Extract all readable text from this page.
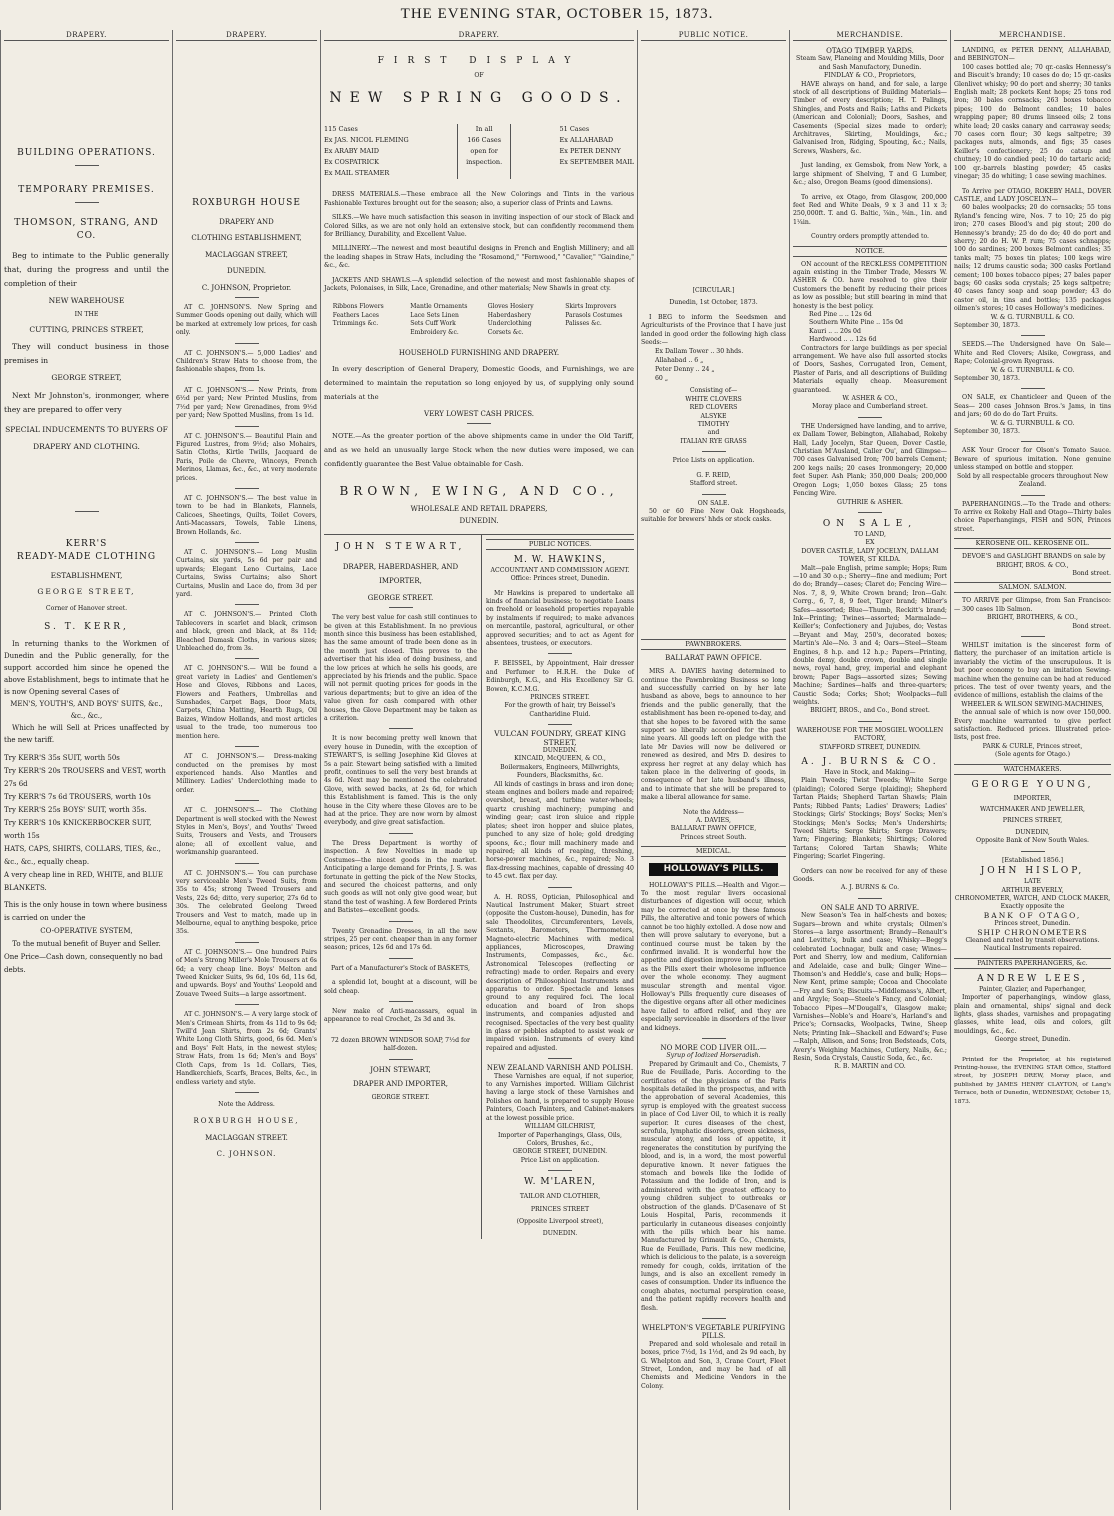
THE EVENING STAR, OCTOBER 15, 1873.
DRAPERY.
BUILDING OPERATIONS.
TEMPORARY PREMISES.
THOMSON, STRANG, AND CO.
Beg to intimate to the Public generally that, during the progress and until the completion of their
NEW WAREHOUSE
IN THE
CUTTING, PRINCES STREET,
They will conduct business in those premises in
GEORGE STREET,
Next Mr Johnston's, ironmonger, where they are prepared to offer very
SPECIAL INDUCEMENTS TO BUYERS OF
DRAPERY AND CLOTHING.
KERR'S
READY-MADE CLOTHING
ESTABLISHMENT,
GEORGE STREET,
Corner of Hanover street.
S. T. KERR,
In returning thanks to the Workmen of Dunedin and the Public generally, for the support accorded him since he opened the above Establishment, begs to intimate that he is now Opening several Cases of
MEN'S, YOUTH'S, AND BOYS' SUITS, &c., &c., &c.,
Which he will Sell at Prices unaffected by the new tariff.
Try KERR'S 35s SUIT, worth 50s
Try KERR'S 20s TROUSERS and VEST, worth 27s 6d
Try KERR'S 7s 6d TROUSERS, worth 10s
Try KERR'S 25s BOYS' SUIT, worth 35s.
Try KERR'S 10s KNICKERBOCKER SUIT, worth 15s
HATS, CAPS, SHIRTS, COLLARS, TIES, &c., &c., &c., equally cheap.
A very cheap line in RED, WHITE, and BLUE BLANKETS.
This is the only house in town where business is carried on under the
CO-OPERATIVE SYSTEM,
To the mutual benefit of Buyer and Seller.
One Price—Cash down, consequently no bad debts.
DRAPERY.
ROXBURGH HOUSE
DRAPERY AND
CLOTHING ESTABLISHMENT,
MACLAGGAN STREET,
DUNEDIN.
C. JOHNSON, Proprietor.
AT C. JOHNSON'S. New Spring and Summer Goods opening out daily, which will be marked at extremely low prices, for cash only.
AT C. JOHNSON'S.— 5,000 Ladies' and Children's Straw Hats to choose from, the fashionable shapes, from 1s.
AT C. JOHNSON'S.— New Prints, from 6½d per yard; New Printed Muslins, from 7½d per yard; New Grenadines, from 9½d per yard; New Spotted Muslins, from 1s 1d.
AT C. JOHNSON'S.— Beautiful Plain and Figured Lustres, from 9½d; also Mohairs, Satin Cloths, Kirtle Twills, Jacquard de Paris, Poile de Chevre, Winceys, French Merinos, Llamas, &c., &c., at very moderate prices.
AT C. JOHNSON'S.— The best value in town to be had in Blankets, Flannels, Calicoes, Sheetings, Quilts, Toilet Covers, Anti-Macassars, Towels, Table Linens, Brown Hollands, &c.
AT C. JOHNSON'S.— Long Muslin Curtains, six yards, 5s 6d per pair and upwards; Elegant Leno Curtains, Lace Curtains, Swiss Curtains; also Short Curtains, Muslin and Lace do, from 3d per yard.
AT C. JOHNSON'S.— Printed Cloth Tablecovers in scarlet and black, crimson and black, green and black, at 8s 11d; Bleached Damask Cloths, in various sizes; Unbleached do, from 3s.
AT C. JOHNSON'S.— Will be found a great variety in Ladies' and Gentlemen's Hose and Gloves, Ribbons and Laces, Flowers and Feathers, Umbrellas and Sunshades, Carpet Bags, Door Mats, Carpets, China Matting, Hearth Rugs, Oil Baizes, Window Hollands, and most articles usual to the trade, too numerous too mention here.
AT C. JOHNSON'S.— Dress-making conducted on the premises by most experienced hands. Also Mantles and Millinery. Ladies' Underclothing made to order.
AT C. JOHNSON'S.— The Clothing Department is well stocked with the Newest Styles in Men's, Boys', and Youths' Tweed Suits, Trousers and Vests, and Trousers alone; all of excellent value, and workmanship guaranteed.
AT C. JOHNSON'S.— You can purchase very serviceable Men's Tweed Suits, from 35s to 45s; strong Tweed Trousers and Vests, 22s 6d; ditto, very superior, 27s 6d to 30s. The celebrated Geelong Tweed Trousers and Vest to match, made up in Melbourne, equal to anything bespoke, price 35s.
AT C. JOHNSON'S.— One hundred Pairs of Men's Strong Miller's Mole Trousers at 6s 6d; a very cheap line. Boys' Melton and Tweed Knicker Suits, 9s 6d, 10s 6d, 11s 6d, and upwards. Boys' and Youths' Leopold and Zouave Tweed Suits—a large assortment.
AT C. JOHNSON'S.— A very large stock of Men's Crimean Shirts, from 4s 11d to 9s 6d; Twill'd Jean Shirts, from 2s 6d; Grants' White Long Cloth Shirts, good, 6s 6d. Men's and Boys' Felt Hats, in the newest styles; Straw Hats, from 1s 6d; Men's and Boys' Cloth Caps, from 1s 1d. Collars, Ties, Handkerchiefs, Scarfs, Braces, Belts, &c., in endless variety and style.
Note the Address.
ROXBURGH HOUSE,
MACLAGGAN STREET.
C. JOHNSON.
DRAPERY.
FIRST DISPLAY
OF
NEW SPRING GOODS.
115 Cases
Ex JAS. NICOL FLEMING
Ex ARABY MAID
Ex COSPATRICK
Ex MAIL STEAMER
In all
166 Cases
open for
inspection.
51 Cases
Ex ALLAHABAD
Ex PETER DENNY
Ex SEPTEMBER MAIL
DRESS MATERIALS.—These embrace all the New Colorings and Tints in the various Fashionable Textures brought out for the season; also, a superior class of Prints and Lawns.
SILKS.—We have much satisfaction this season in inviting inspection of our stock of Black and Colored Silks, as we are not only hold an extensive stock, but can confidently recommend them for Brilliancy, Durability, and Excellent Value.
MILLINERY.—The newest and most beautiful designs in French and English Millinery; and all the leading shapes in Straw Hats, including the "Rosamond," "Fernwood," "Cavalier," "Gaindine," &c., &c.
JACKETS AND SHAWLS.—A splendid selection of the newest and most fashionable shapes of Jackets, Polonaises, in Silk, Lace, Grenadine, and other materials; New Shawls in great cty.
Ribbons Flowers Feathers Laces Trimmings &c.
Mantle Ornaments Lace Sets Linen Sets Cuff Work Embroidery &c.
Gloves Hosiery Haberdashery Underclothing Corsets &c.
Skirts Improvers Parasols Costumes Palisses &c.
HOUSEHOLD FURNISHING AND DRAPERY.
In every description of General Drapery, Domestic Goods, and Furnishings, we are determined to maintain the reputation so long enjoyed by us, of supplying only sound materials at the
VERY LOWEST CASH PRICES.
NOTE.—As the greater portion of the above shipments came in under the Old Tariff, and as we held an unusually large Stock when the new duties were imposed, we can confidently guarantee the Best Value obtainable for Cash.
BROWN, EWING, AND CO.,
WHOLESALE AND RETAIL DRAPERS,
DUNEDIN.
JOHN STEWART,
DRAPER, HABERDASHER, AND IMPORTER,
GEORGE STREET.
The very best value for cash still continues to be given at this Establishment. In no previous month since this business has been established, has the same amount of trade been done as in the month just closed. This proves to the advertiser that his idea of doing business, and the low prices at which he sells his goods, are appreciated by his friends and the public. Space will not permit quoting prices for goods in the various departments; but to give an idea of the value given for cash compared with other houses, the Glove Department may be taken as a criterion.
It is now becoming pretty well known that every house in Dunedin, with the exception of STEWART'S, is selling Josephine Kid Gloves at 5s a pair. Stewart being satisfied with a limited profit, continues to sell the very best brands at 4s 6d. Next may be mentioned the celebrated Glove, with sewed backs, at 2s 6d, for which this Establishment is famed. This is the only house in the City where these Gloves are to be had at the price. They are now worn by almost everybody, and give great satisfaction.
The Dress Department is worthy of inspection. A few Novelties in made up Costumes—the nicest goods in the market. Anticipating a large demand for Prints, J. S. was fortunate in getting the pick of the New Stocks, and secured the choicest patterns, and only such goods as will not only give good wear, but stand the test of washing. A few Bordered Prints and Batistes—excellent goods.
Twenty Grenadine Dresses, in all the new stripes, 25 per cent. cheaper than in any former season; prices, 12s 6d and 17s 6d.
Part of a Manufacturer's Stock of BASKETS,
a splendid lot, bought at a discount, will be sold cheap.
New make of Anti-macassars, equal in appearance to real Crochet, 2s 3d and 3s.
72 dozen BROWN WINDSOR SOAP, 7½d for half-dozen.
JOHN STEWART,
DRAPER AND IMPORTER,
GEORGE STREET.
PUBLIC NOTICES.
M. W. HAWKINS,
ACCOUNTANT AND COMMISSION AGENT.
Office: Princes street, Dunedin.
Mr Hawkins is prepared to undertake all kinds of financial business; to negotiate Loans on freehold or leasehold properties repayable by instalments if required; to make advances on mercantile, pastoral, agricultural, or other approved securities; and to act as Agent for absentees, trustees, or executors.
F. BEISSEL, by Appointment, Hair dresser and Perfumer to H.R.H. the Duke of Edinburgh, K.G., and His Excellency Sir G. Bowen, K.C.M.G.
PRINCES STREET.
For the growth of hair, try Beissel's Cantharidine Fluid.
VULCAN FOUNDRY, GREAT KING STREET,
DUNEDIN.
KINCAID, McQUEEN, & CO.,
Boilermakers, Engineers, Millwrights, Founders, Blacksmiths, &c.
All kinds of castings in brass and iron done; steam engines and boilers made and repaired; overshot, breast, and turbine water-wheels; quartz crushing machinery; pumping and winding gear; cast iron sluice and ripple plates; sheet iron hopper and sluice plates, punched to any size of hole; gold dredging spoons, &c.; flour mill machinery made and repaired; all kinds of reaping, threshing, horse-power machines, &c., repaired; No. 3 flax-dressing machines, capable of dressing 40 to 45 cwt. flax per day.
A. H. ROSS, Optician, Philosophical and Nautical Instrument Maker, Stuart street (opposite the Custom-house), Dunedin, has for sale Theodolites, Circumferenters, Levels, Sextants, Barometers, Thermometers, Magneto-electric Machines with medical appliances, Microscopes, Drawing Instruments, Compasses, &c., &c. Astronomical Telescopes (reflecting or refracting) made to order. Repairs and every description of Philosophical Instruments and apparatus to order. Spectacle and lenses ground to any required foci. The local education and board of Iron shops instruments, and companies adjusted and recognised. Spectacles of the very best quality in glass or pebbles adapted to assist weak or impaired vision. Instruments of every kind repaired and adjusted.
NEW ZEALAND VARNISH AND POLISH.
These Varnishes are equal, if not superior, to any Varnishes imported. William Gilchrist having a large stock of these Varnishes and Polishes on hand, is prepared to supply House Painters, Coach Painters, and Cabinet-makers at the lowest possible price.
WILLIAM GILCHRIST,
Importer of Paperhangings, Glass, Oils, Colors, Brushes, &c.,
GEORGE STREET, DUNEDIN.
Price List on application.
W. M'LAREN,
TAILOR AND CLOTHIER,
PRINCES STREET
(Opposite Liverpool street),
DUNEDIN.
PUBLIC NOTICE.
[CIRCULAR.]
Dunedin, 1st October, 1873.
I BEG to inform the Seedsmen and Agriculturists of the Province that I have just landed in good order the following high class Seeds:—
Ex Dallam Tower .. 30 hhds.
Allahabad .. 6 „
Peter Denny .. 24 „
60 „
Consisting of—
WHITE CLOVERS
RED CLOVERS
ALSYKE
TIMOTHY
and
ITALIAN RYE GRASS
Price Lists on application.
G. F. REID,
Stafford street.
ON SALE.
50 or 60 Fine New Oak Hogsheads, suitable for brewers' hhds or stock casks.
PAWNBROKERS.
BALLARAT PAWN OFFICE.
MRS A. DAVIES having determined to continue the Pawnbroking Business so long and successfully carried on by her late husband as above, begs to announce to her friends and the public generally, that the establishment has been re-opened to-day, and that she hopes to be favored with the same support so liberally accorded for the past nine years. All goods left on pledge with the late Mr Davies will now be delivered or renewed as desired, and Mrs D. desires to express her regret at any delay which has taken place in the delivering of goods, in consequence of her late husband's illness, and to intimate that she will be prepared to make a liberal allowance for same.
Note the Address—
A. DAVIES,
BALLARAT PAWN OFFICE,
Princes street South.
MEDICAL.
HOLLOWAY'S PILLS.
HOLLOWAY'S PILLS.—Health and Vigor.—To the most regular livers occasional disturbances of digestion will occur, which may be corrected at once by these famous Pills, the alterative and tonic powers of which cannot be too highly extolled. A dose now and then will prove salutary to everyone, but a continued course must be taken by the confirmed invalid. It is wonderful how the appetite and digestion improve in proportion as the Pills exert their wholesome influence over the whole economy. They augment muscular strength and mental vigor. Holloway's Pills frequently cure diseases of the digestive organs after all other medicines have failed to afford relief, and they are especially serviceable in disorders of the liver and kidneys.
NO MORE COD LIVER OIL.—
Syrup of Iodized Horseradish.
Prepared by Grimault and Co., Chemists, 7 Rue de Feuillade, Paris. According to the certificates of the physicians of the Paris hospitals detailed in the prospectus, and with the approbation of several Academies, this syrup is employed with the greatest success in place of Cod Liver Oil, to which it is really superior. It cures diseases of the chest, scrofula, lymphatic disorders, green sickness, muscular atony, and loss of appetite, it regenerates the constitution by purifying the blood, and is, in a word, the most powerful depurative known. It never fatigues the stomach and bowels like the Iodide of Potassium and the Iodide of Iron, and is administered with the greatest efficacy to young children subject to outbreaks or obstruction of the glands. D'Casenave of St Louis Hospital, Paris, recommends it particularly in cutaneous diseases conjointly with the pills which bear his name. Manufactured by Grimault & Co., Chemists, Rue de Feuillade, Paris. This new medicine, which is delicious to the palate, is a sovereign remedy for cough, colds, irritation of the lungs, and is also an excellent remedy in cases of consumption. Under its influence the cough abates, nocturnal perspiration cease, and the patient rapidly recovers health and flesh.
WHELPTON'S VEGETABLE PURIFYING PILLS.
Prepared and sold wholesale and retail in boxes, price 7½d, 1s 1½d, and 2s 9d each, by G. Whelpton and Son, 3, Crane Court, Fleet Street, London, and may be had of all Chemists and Medicine Vendors in the Colony.
MERCHANDISE.
OTAGO TIMBER YARDS.
Steam Saw, Planeing and Moulding Mills, Door and Sash Manufactory, Dunedin.
FINDLAY & CO., Proprietors,
HAVE always on hand, and for sale, a large stock of all descriptions of Building Materials— Timber of every description; H. T. Palings, Shingles, and Posts and Rails; Laths and Pickets (American and Colonial); Doors, Sashes, and Casements (Special sizes made to order); Architraves, Skirting, Mouldings, &c.; Galvanised Iron, Ridging, Spouting, &c.; Nails, Screws, Washers, &c.
Just landing, ex Gemsbok, from New York, a large shipment of Shelving, T and G Lumber, &c.; also, Oregon Beams (good dimensions).
To arrive, ex Otago, from Glasgow, 200,000 feet Red and White Deals, 9 x 3 and 11 x 3; 250,000ft. T. and G. Baltic, ⅞in., ⅝in., 1in. and 1¼in.
Country orders promptly attended to.
NOTICE.
ON account of the RECKLESS COMPETITION again existing in the Timber Trade, Messrs W. ASHER & CO. have resolved to give their Customers the benefit by reducing their prices as low as possible; but still bearing in mind that honesty is the best policy.
Red Pine .. .. 12s 6d
Southern White Pine .. 15s 0d
Kauri .. .. 20s 0d
Hardwood .. .. 12s 6d
Contractors for large buildings as per special arrangement. We have also full assorted stocks of Doors, Sashes, Corrugated Iron, Cement, Plaster of Paris, and all descriptions of Building Materials equally cheap. Measurement guaranteed.
W. ASHER & CO.,
Moray place and Cumberland street.
THE Undersigned have landing, and to arrive, ex Dallam Tower, Bebington, Allahabad, Rokeby Hall, Lady Jocelyn, Star Queen, Dover Castle, Christian M'Ausland, Caller Ou', and Glimpse— 700 cases Galvanised Iron; 700 barrels Cement; 200 kegs nails; 20 cases Ironmongery; 20,000 feet Super. Ash Plank; 350,000 Deals; 200,000 Oregon Logs; 1,050 boxes Glass; 25 tons Fencing Wire.
GUTHRIE & ASHER.
ON SALE,
TO LAND,
EX
DOVER CASTLE, LADY JOCELYN, DALLAM TOWER, ST KILDA.
Malt—pale English, prime sample; Hops; Rum—10 and 30 o.p.; Sherry—fine and medium; Port do do; Brandy—cases; Claret do; Fencing Wire—Nos. 7, 8, 9, White Crown brand; Iron—Galv. Corrg., 6, 7, 8, 9 feet, Tiger brand; Milner's Safes—assorted; Blue—Thumb, Reckitt's brand; Ink—Printing; Twines—assorted; Marmalade—Keiller's; Confectionery and Jujubes, do; Vestas—Bryant and May, 250's, decorated boxes; Martin's Ale—No. 3 and 4; Oars—Steel—Steam Engines, 8 h.p. and 12 h.p.; Papers—Printing, double demy, double crown, double and single news, royal hand, grey, imperial and elephant brown; Paper Bags—assorted sizes; Sewing Machine; Sardines—halfs and three-quarters; Caustic Soda; Corks; Shot; Woolpacks—full weights.
BRIGHT, BROS., and Co., Bond street.
WAREHOUSE FOR THE MOSGIEL WOOLLEN FACTORY,
STAFFORD STREET, DUNEDIN.
A. J. BURNS & CO.
Have in Stock, and Making—
Plain Tweeds; Twist Tweeds; White Serge (plaiding); Colored Serge (plaiding); Shepherd Tartan Plaids; Shepherd Tartan Shawls; Plain Pants; Ribbed Pants; Ladies' Drawers; Ladies' Stockings; Girls' Stockings; Boys' Socks; Men's Stockings; Men's Socks; Men's Undershirts; Tweed Shirts; Serge Shirts; Serge Drawers; Yarn; Fingering; Blankets; Shirtings; Colored Tartans; Colored Tartan Shawls; White Fingering; Scarlet Fingering.
Orders can now be received for any of these Goods.
A. J. BURNS & Co.
ON SALE AND TO ARRIVE.
New Season's Tea in half-chests and boxes; Sugars—brown and white crystals; Oilmen's Stores—a large assortment; Brandy—Renault's and Levitte's, bulk and case; Whisky—Begg's celebrated Lochnagar, bulk and case; Wines—Port and Sherry, low and medium, Californian and Adelaide, case and bulk; Ginger Wine—Thomson's and Heddle's, case and bulk; Hops—New Kent, prime sample; Cocoa and Chocolate—Fry and Son's; Biscuits—Middlemass's, Albert, and Argyle; Soap—Steele's Fancy, and Colonial; Tobacco Pipes—M'Dougall's, Glasgow make; Varnishes—Noble's and Hoare's, Harland's and Price's; Cornsacks, Woolpacks, Twine, Sheep Nets; Printing Ink—Shackell and Edward's; Fuse—Ralph, Allison, and Sons; Iron Bedsteads, Cots, Avery's Weighing Machines, Cutlery, Nails, &c.; Resin, Soda Crystals, Caustic Soda, &c., &c.
R. B. MARTIN and CO.
MERCHANDISE.
LANDING, ex PETER DENNY, ALLAHABAD, and BEBINGTON—
100 cases bottled ale; 70 qr.-casks Hennessy's and Biscuit's brandy; 10 cases do do; 15 qr.-casks Glenlivet whisky; 90 do port and sherry; 30 tanks English malt; 28 pockets Kent hops; 25 tons rod iron; 30 bales cornsacks; 263 boxes tobacco pipes; 100 do Belmont candles; 10 bales wrapping paper; 80 drums linseed oils; 2 tons white lead; 20 casks canary and carraway seeds; 70 cases corn flour; 30 kegs saltpetre; 39 packages nuts, almonds, and figs; 35 cases Keiller's confectionery; 25 do catsup and chutney; 10 do candied peel; 10 do tartaric acid; 100 qr.-barrels blasting powder; 45 casks vinegar; 35 do whiting; 1 case sewing machines.
To Arrive per OTAGO, ROKEBY HALL, DOVER CASTLE, and LADY JOSCELYN—
60 bales woolpacks; 20 do cornsacks; 55 tons Ryland's fencing wire, Nos. 7 to 10; 25 do pig iron; 270 cases Blood's and pig stout; 200 do Hennessy's brandy; 25 do do do; 40 do port and sherry; 20 do H. W. P. rum; 75 cases schnapps; 100 do sardines; 200 boxes Belmont candles; 35 tanks malt; 75 boxes tin plates; 100 kegs wire nails; 12 drums caustic soda; 300 casks Portland cement; 100 boxes tobacco pipes; 27 bales paper bags; 60 casks soda crystals; 25 kegs saltpetre; 40 cases fancy soap and soap powder; 43 do castor oil, in tins and bottles; 135 packages oilmen's stores; 10 cases Holloway's medicines.
W. & G. TURNBULL & CO.
September 30, 1873.
SEEDS.—The Undersigned have On Sale— White and Red Clovers; Alsike, Cowgrass, and Rape; Colonial-grown Ryegrass.
W. & G. TURNBULL & CO.
September 30, 1873.
ON SALE, ex Chanticleer and Queen of the Seas— 200 cases Johnson Bros.'s Jams, in tins and jars; 60 do do do Tart Fruits.
W. & G. TURNBULL & CO.
September 30, 1873.
ASK Your Grocer for Olson's Tomato Sauce. Beware of spurious imitation. None genuine unless stamped on bottle and stopper.
Sold by all respectable grocers throughout New Zealand.
PAPERHANGINGS.—To the Trade and others: To arrive ex Rokeby Hall and Otago—Thirty bales choice Paperhangings, FISH and SON, Princes street.
KEROSENE OIL. KEROSENE OIL.
DEVOE'S and GASLIGHT BRANDS on sale by
BRIGHT, BROS. & CO.,
Bond street.
SALMON. SALMON.
TO ARRIVE per Glimpse, from San Francisco:— 300 cases 1lb Salmon.
BRIGHT, BROTHERS, & CO.,
Bond street.
WHILST imitation is the sincerest form of flattery, the purchaser of an imitation article is invariably the victim of the unscrupulous. It is but poor economy to buy an imitation Sewing-machine when the genuine can be had at reduced prices. The test of over twenty years, and the evidence of millions, establish the claims of the
WHEELER & WILSON SEWING-MACHINES,
the annual sale of which is now over 150,000. Every machine warranted to give perfect satisfaction. Reduced prices. Illustrated price-lists, post free.
PARK & CURLE, Princes street,
(Sole agents for Otago.)
WATCHMAKERS.
GEORGE YOUNG,
IMPORTER,
WATCHMAKER AND JEWELLER,
PRINCES STREET,
DUNEDIN,
Opposite Bank of New South Wales.
[Established 1856.]
JOHN HISLOP,
LATE
ARTHUR BEVERLY,
CHRONOMETER, WATCH, AND CLOCK MAKER,
Exactly opposite the
BANK OF OTAGO,
Princes street, Dunedin.
SHIP CHRONOMETERS
Cleaned and rated by transit observations. Nautical Instruments repaired.
PAINTERS PAPERHANGERS, &c.
ANDREW LEES,
Painter, Glazier, and Paperhanger,
Importer of paperhangings, window glass, plain and ornamental, ships' signal and deck lights, glass shades, varnishes and propagating glasses, white lead, oils and colors, gilt mouldings, &c., &c.
George street, Dunedin.
Printed for the Proprietor, at his registered Printing-house, the EVENING STAR Office, Stafford street, by JOSEPH DREW, Moray place, and published by JAMES HENRY CLAYTON, of Lang's Terrace, both of Dunedin, WEDNESDAY, October 15, 1873.
